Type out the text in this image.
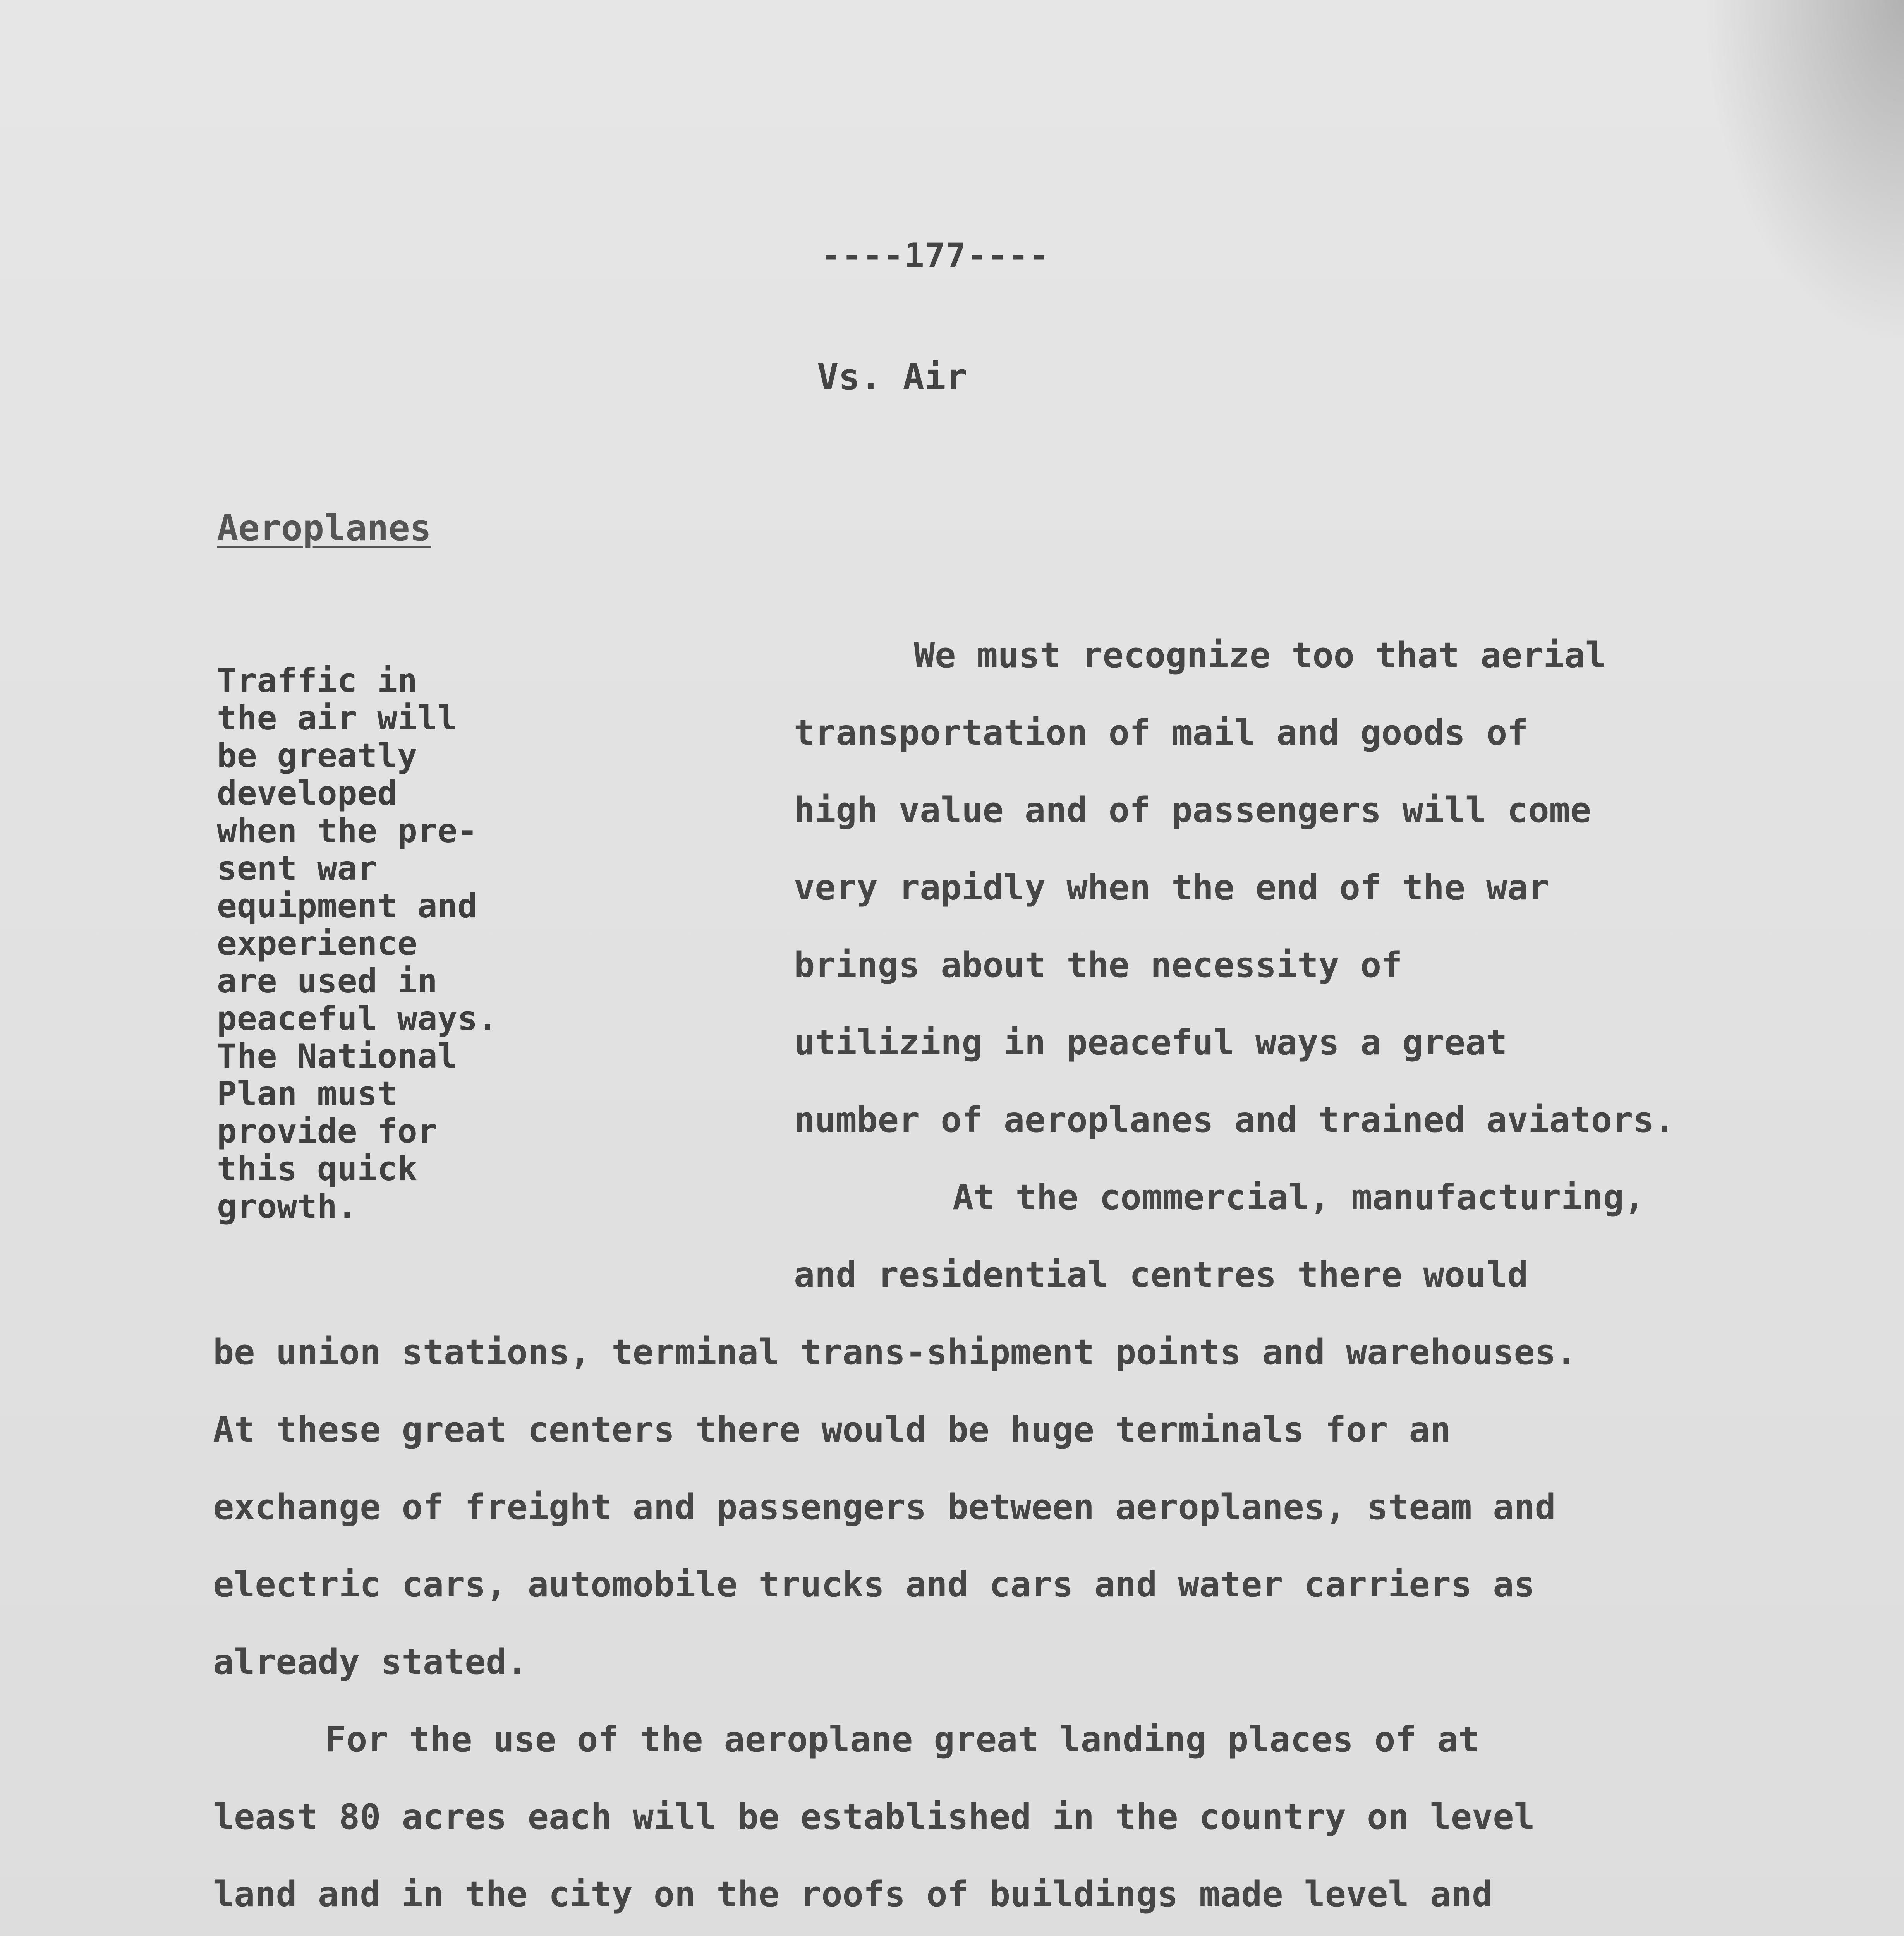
----177----
Vs. Air
Aeroplanes
Traffic in
the air will
be greatly
developed
when the pre-
sent war
equipment and
experience
are used in
peaceful ways.
The National
Plan must
provide for
this quick
growth.
We must recognize too that aerial
transportation of mail and goods of
high value and of passengers will come
very rapidly when the end of the war
brings about the necessity of
utilizing in peaceful ways a great
number of aeroplanes and trained aviators.
At the commercial, manufacturing,
and residential centres there would
be union stations, terminal trans-shipment points and warehouses.
At these great centers there would be huge terminals for an
exchange of freight and passengers between aeroplanes, steam and
electric cars, automobile trucks and cars and water carriers as
already stated.
For the use of the aeroplane great landing places of at
least 80 acres each will be established in the country on level
land and in the city on the roofs of buildings made level and
